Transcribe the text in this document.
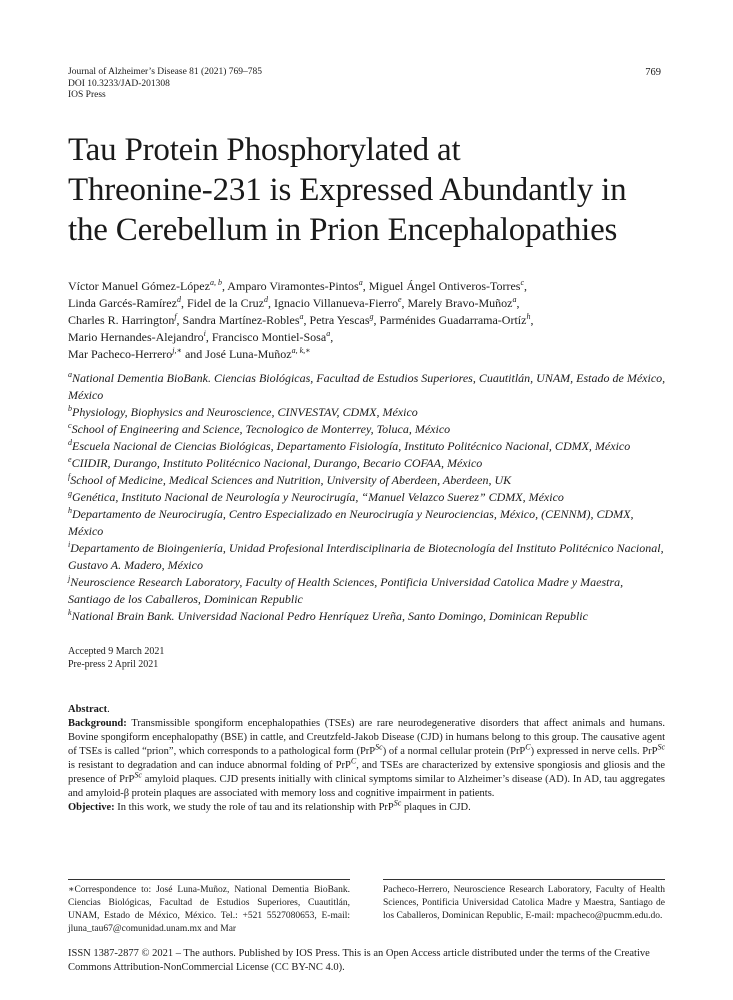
Journal of Alzheimer’s Disease 81 (2021) 769–785
DOI 10.3233/JAD-201308
IOS Press
769
Tau Protein Phosphorylated at
Threonine-231 is Expressed Abundantly in
the Cerebellum in Prion Encephalopathies
Víctor Manuel Gómez-López$^{a, b}$, Amparo Viramontes-Pintos$^a$, Miguel Ángel Ontiveros-Torres$^c$,
Linda Garcés-Ramírez$^d$, Fidel de la Cruz$^d$, Ignacio Villanueva-Fierro$^e$, Marely Bravo-Muñoz$^a$,
Charles R. Harrington$^f$, Sandra Martínez-Robles$^a$, Petra Yescas$^g$, Parménides Guadarrama-Ortíz$^h$,
Mario Hernandes-Alejandro$^i$, Francisco Montiel-Sosa$^a$,
Mar Pacheco-Herrero$^{j,∗}$ and José Luna-Muñoz$^{a, k,∗}$
$^a$National Dementia BioBank. Ciencias Biológicas, Facultad de Estudios Superiores, Cuautitlán, UNAM, Estado de México, México
$^b$Physiology, Biophysics and Neuroscience, CINVESTAV, CDMX, México
$^c$School of Engineering and Science, Tecnologico de Monterrey, Toluca, México
$^d$Escuela Nacional de Ciencias Biológicas, Departamento Fisiología, Instituto Politécnico Nacional, CDMX, México
$^e$CIIDIR, Durango, Instituto Politécnico Nacional, Durango, Becario COFAA, México
$^f$School of Medicine, Medical Sciences and Nutrition, University of Aberdeen, Aberdeen, UK
$^g$Genética, Instituto Nacional de Neurología y Neurocirugía, “Manuel Velazco Suerez” CDMX, México
$^h$Departamento de Neurocirugía, Centro Especializado en Neurocirugía y Neurociencias, México, (CENNM), CDMX, México
$^i$Departamento de Bioingeniería, Unidad Profesional Interdisciplinaria de Biotecnología del Instituto Politécnico Nacional, Gustavo A. Madero, México
$^j$Neuroscience Research Laboratory, Faculty of Health Sciences, Pontificia Universidad Catolica Madre y Maestra, Santiago de los Caballeros, Dominican Republic
$^k$National Brain Bank. Universidad Nacional Pedro Henríquez Ureña, Santo Domingo, Dominican Republic
Accepted 9 March 2021
Pre-press 2 April 2021
Abstract.
Background: Transmissible spongiform encephalopathies (TSEs) are rare neurodegenerative disorders that affect animals and humans. Bovine spongiform encephalopathy (BSE) in cattle, and Creutzfeld-Jakob Disease (CJD) in humans belong to this group. The causative agent of TSEs is called “prion”, which corresponds to a pathological form (PrP$^{Sc}$) of a normal cellular protein (PrP$^C$) expressed in nerve cells. PrP$^{Sc}$ is resistant to degradation and can induce abnormal folding of PrP$^C$, and TSEs are characterized by extensive spongiosis and gliosis and the presence of PrP$^{Sc}$ amyloid plaques. CJD presents initially with clinical symptoms similar to Alzheimer’s disease (AD). In AD, tau aggregates and amyloid-β protein plaques are associated with memory loss and cognitive impairment in patients.
Objective: In this work, we study the role of tau and its relationship with PrP$^{Sc}$ plaques in CJD.
∗Correspondence to: José Luna-Muñoz, National Dementia BioBank. Ciencias Biológicas, Facultad de Estudios Superiores, Cuautitlán, UNAM, Estado de México, México. Tel.: +521 5527080653, E-mail: jluna_tau67@comunidad.unam.mx and Mar
Pacheco-Herrero, Neuroscience Research Laboratory, Faculty of Health Sciences, Pontificia Universidad Catolica Madre y Maestra, Santiago de los Caballeros, Dominican Republic, E-mail: mpacheco@pucmm.edu.do.
ISSN 1387-2877 © 2021 – The authors. Published by IOS Press. This is an Open Access article distributed under the terms of the Creative Commons Attribution-NonCommercial License (CC BY-NC 4.0).
